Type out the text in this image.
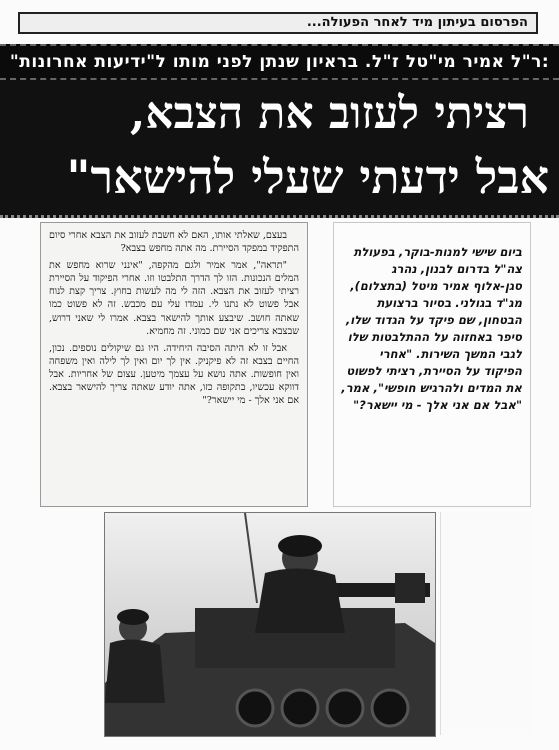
הפרסום בעיתון מיד לאחר הפעולה...
:ר"ל אמיר מי"טל ז"ל. בראיון שנתן לפני מותו ל"ידיעות אחרונות"
רציתי לעזוב את הצבא,
אבל ידעתי שעלי להישאר"

בעצם, שאלתי אותו, האם לא חשבת לעזוב את הצבא אחרי סיום התפקיד במפקד הסיירת. מה אתה מחפש בצבא?

"תראה", אמר אמיר ולגם מהקפה, "אינני שרוא מחפש את המלים הנכונות. הזו לך הדרך התלבטו וזו. אחרי הפיקוד על הסיירת רציתי לעזוב את הצבא. הזה לי מה לעשות בחוץ. צריך קצת לנוח אבל פשוט לא נתנו לי. עמדו עלי עם מכבש. זה לא פשוט כמו שאתה חושב. שיבצע אותך להישאר בצבא. אמרו לי שאני דרוש, שבצבא צריכים אני שם כמוני. זה מחמיא.

אבל זו לא היתה הסיבה היחידה. היו גם שיקולים נוספים. נכון, החיים בצבא זה לא פיקניק. אין לך יום ואין לך לילה ואין משפחה ואין חופשות. אתה נושא על עצמך מיטען. עצום של אחריות. אבל דווקא עכשיו, בתקופה כזו, אתה יודע שאתה צריך להישאר בצבא. אם אני אלך - מי יישאר?"

ביום שישי למנות-בוקר, בפעולת צה"ל בדרום לבנון, נהרג סגן-אלוף אמיר מיטל (בתצלום), מג"ד בגולני. בסיור ברצועת הבטחון, שם פיקד על הגדוד שלו, סיפר באחזוה על ההתלבטות שלו לגבי המשך השירות. "אחרי הפיקוד על הסיירת, רציתי לפשוט את המדים ולהרגיש חופשי", אמר, "אבל אם אני אלך - מי יישאר?"
